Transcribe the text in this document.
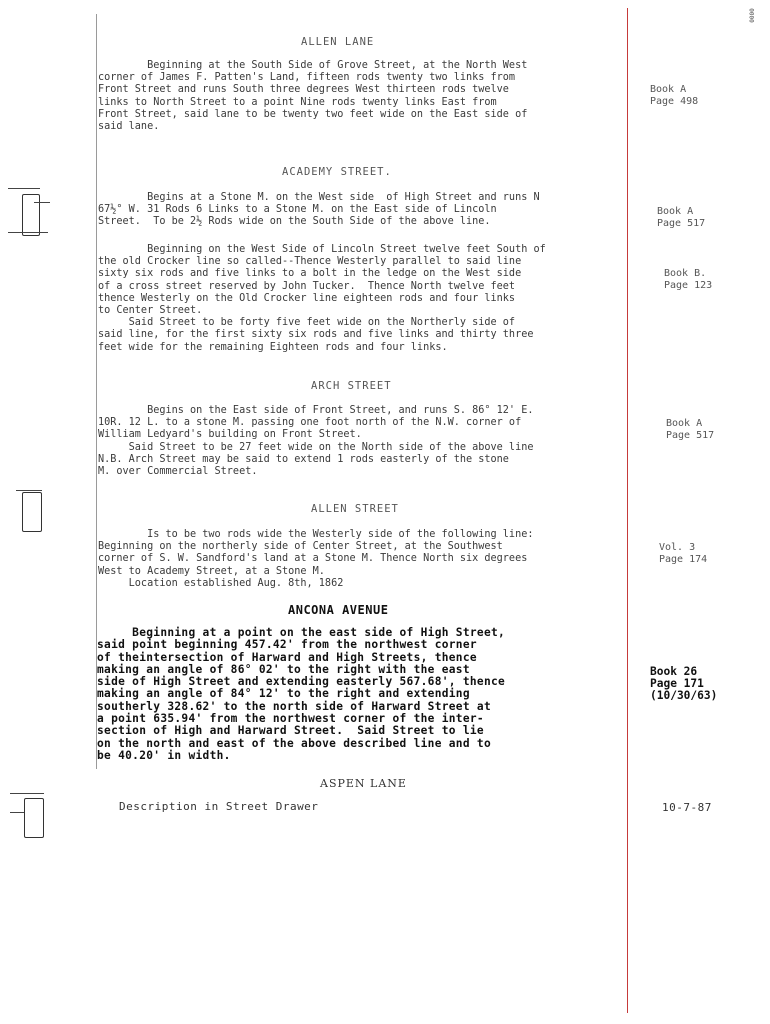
0000
ALLEN LANE
Beginning at the South Side of Grove Street, at the North West
corner of James F. Patten's Land, fifteen rods twenty two links from
Front Street and runs South three degrees West thirteen rods twelve
links to North Street to a point Nine rods twenty links East from
Front Street, said lane to be twenty two feet wide on the East side of
said lane.
Book A
Page 498
ACADEMY STREET.
Begins at a Stone M. on the West side  of High Street and runs N
67½° W. 31 Rods 6 Links to a Stone M. on the East side of Lincoln
Street.  To be 2½ Rods wide on the South Side of the above line.
Book A
Page 517
Beginning on the West Side of Lincoln Street twelve feet South of
the old Crocker line so called--Thence Westerly parallel to said line
sixty six rods and five links to a bolt in the ledge on the West side
of a cross street reserved by John Tucker.  Thence North twelve feet
thence Westerly on the Old Crocker line eighteen rods and four links
to Center Street.
Said Street to be forty five feet wide on the Northerly side of
said line, for the first sixty six rods and five links and thirty three
feet wide for the remaining Eighteen rods and four links.
Book B.
Page 123
ARCH STREET
Begins on the East side of Front Street, and runs S. 86° 12' E.
10R. 12 L. to a stone M. passing one foot north of the N.W. corner of
William Ledyard's building on Front Street.
Said Street to be 27 feet wide on the North side of the above line
N.B. Arch Street may be said to extend 1 rods easterly of the stone
M. over Commercial Street.
Book A
Page 517
ALLEN STREET
Is to be two rods wide the Westerly side of the following line:
Beginning on the northerly side of Center Street, at the Southwest
corner of S. W. Sandford's land at a Stone M. Thence North six degrees
West to Academy Street, at a Stone M.
Location established Aug. 8th, 1862
Vol. 3
Page 174
ANCONA AVENUE
Beginning at a point on the east side of High Street,
said point beginning 457.42' from the northwest corner
of theintersection of Harward and High Streets, thence
making an angle of 86° 02' to the right with the east
side of High Street and extending easterly 567.68', thence
making an angle of 84° 12' to the right and extending
southerly 328.62' to the north side of Harward Street at
a point 635.94' from the northwest corner of the inter-
section of High and Harward Street.  Said Street to lie
on the north and east of the above described line and to
be 40.20' in width.
Book 26
Page 171
(10/30/63)
ASPEN LANE
Description in Street Drawer	10-7-87
